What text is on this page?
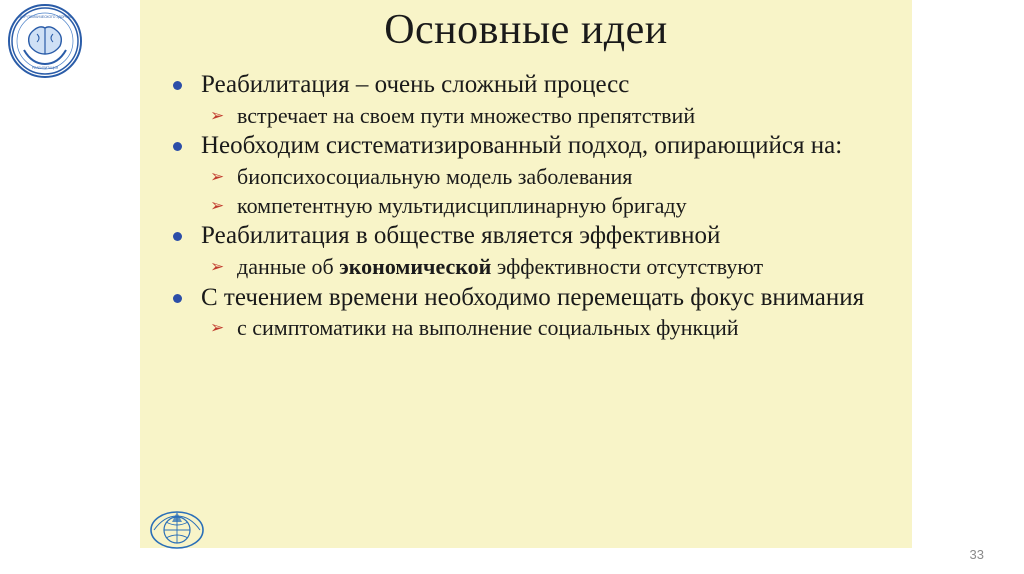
ЦЕНТР ПСИХИЧЕСКОГО ЗДОРОВЬЯ
РЕАБИЛИТАЦИЯ
Основные идеи
Реабилитация – очень сложный процесс
➢ встречает на своем пути множество препятствий
Необходим систематизированный подход, опирающийся на:
➢ биопсихосоциальную модель заболевания
➢ компетентную мультидисциплинарную бригаду
Реабилитация в обществе является эффективной
➢ данные об экономической эффективности отсутствуют
С течением времени необходимо перемещать фокус внимания
➢ с симптоматики на выполнение социальных функций
33
